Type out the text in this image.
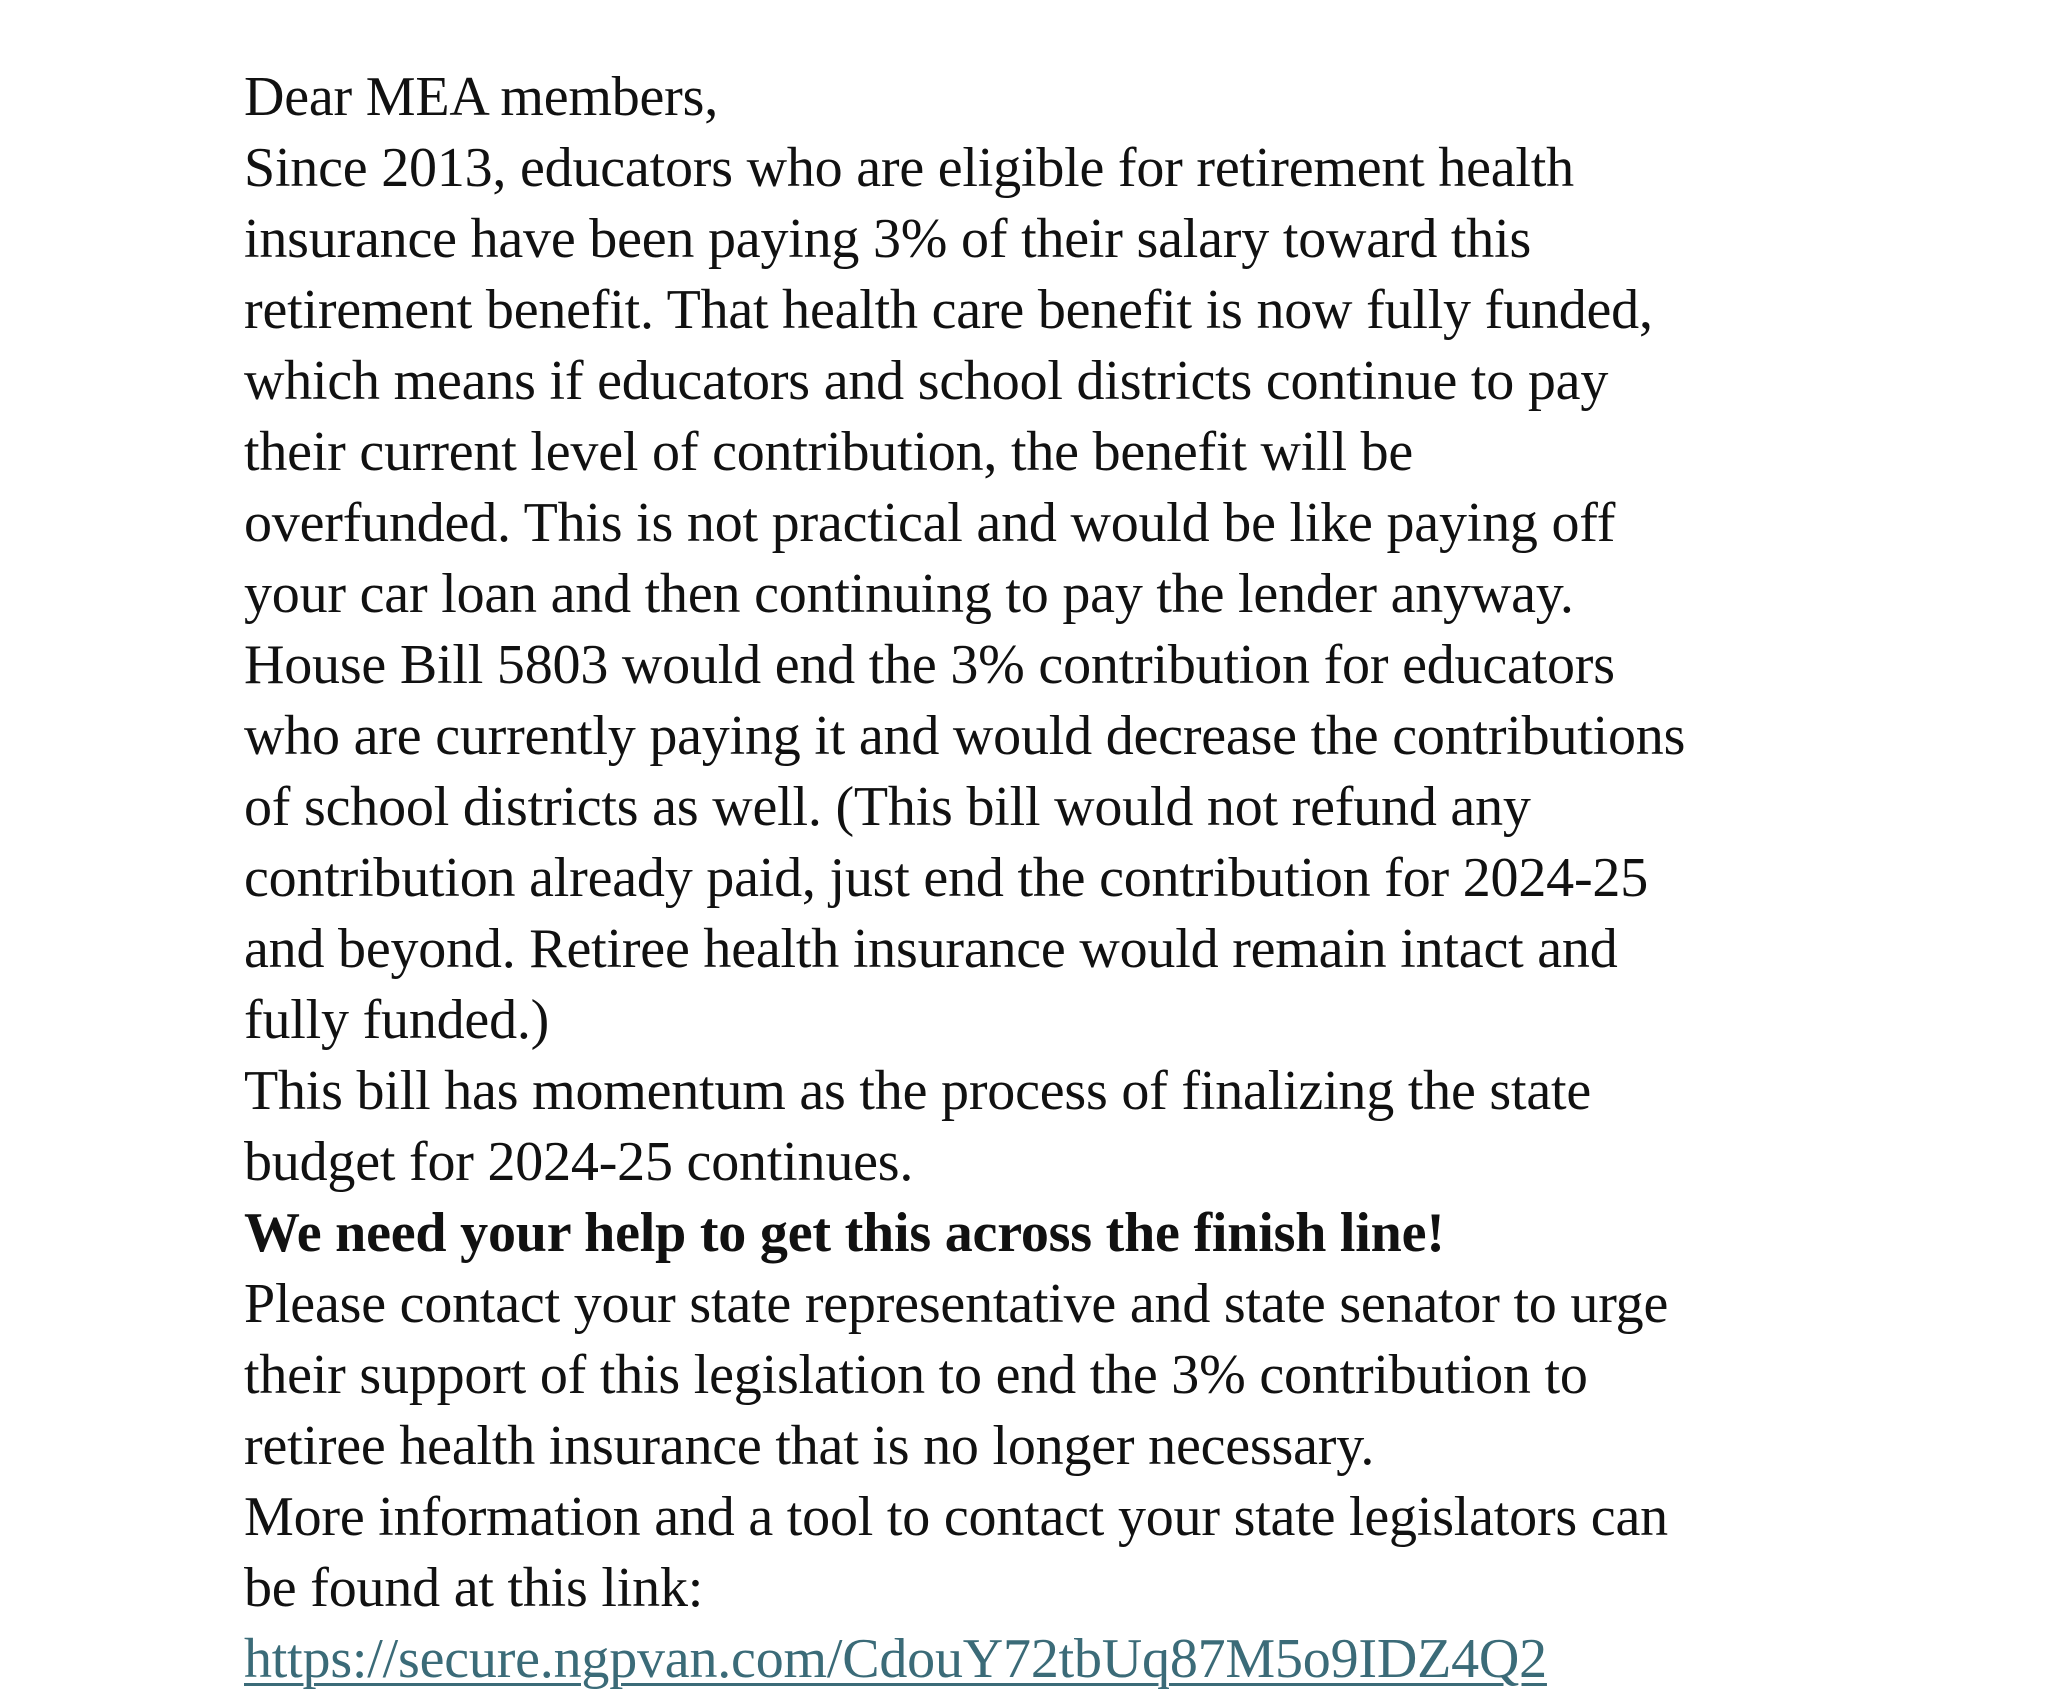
Dear MEA members,
Since 2013, educators who are eligible for retirement health
insurance have been paying 3% of their salary toward this
retirement benefit. That health care benefit is now fully funded,
which means if educators and school districts continue to pay
their current level of contribution, the benefit will be
overfunded. This is not practical and would be like paying off
your car loan and then continuing to pay the lender anyway.
House Bill 5803 would end the 3% contribution for educators
who are currently paying it and would decrease the contributions
of school districts as well. (This bill would not refund any
contribution already paid, just end the contribution for 2024-25
and beyond. Retiree health insurance would remain intact and
fully funded.)
This bill has momentum as the process of finalizing the state
budget for 2024-25 continues.
We need your help to get this across the finish line!
Please contact your state representative and state senator to urge
their support of this legislation to end the 3% contribution to
retiree health insurance that is no longer necessary.
More information and a tool to contact your state legislators can
be found at this link:
https://secure.ngpvan.com/CdouY72tbUq87M5o9IDZ4Q2
